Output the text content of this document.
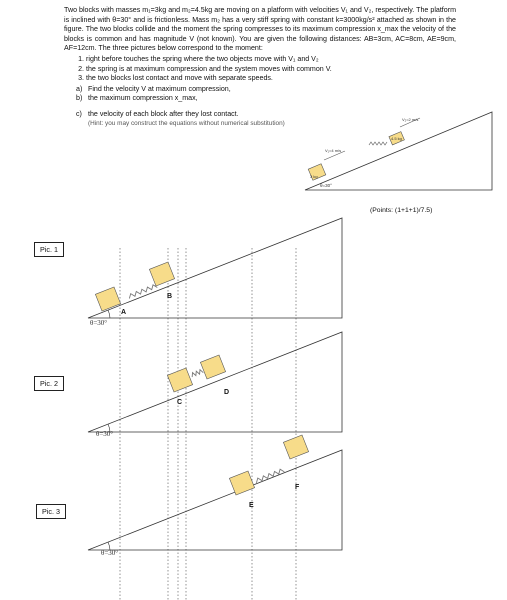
Two blocks with masses m₁=3kg and m₂=4.5kg are moving on a platform with velocities V₁ and V₂, respectively. The platform is inclined with θ=30° and is frictionless. Mass m₂ has a very stiff spring with constant k=3000kg/s² attached as shown in the figure. The two blocks collide and the moment the spring compresses to its maximum compression x_max the velocity of the blocks is common and has magnitude V (not known). You are given the following distances: AB=3cm, AC=8cm, AE=9cm, AF=12cm. The three pictures below correspond to the moment:

1. right before touches the spring where the two objects move with V₁ and V₂
2. the spring is at maximum compression and the system moves with common V.
3. the two blocks lost contact and move with separate speeds.
a) Find the velocity V at maximum compression,
b) the maximum compression x_max,
c) the velocity of each block after they lost contact.
(Hint: you may construct the equations without numerical substitution)
(Points: (1+1+1)/7.5)
3 kg
V₁=4 m/s
4.5 kg
V₂=2 m/s
θ=30°
A
B
C
D
E
F
θ=30°
θ=30°
θ=30°
Pic. 1
Pic. 2
Pic. 3
